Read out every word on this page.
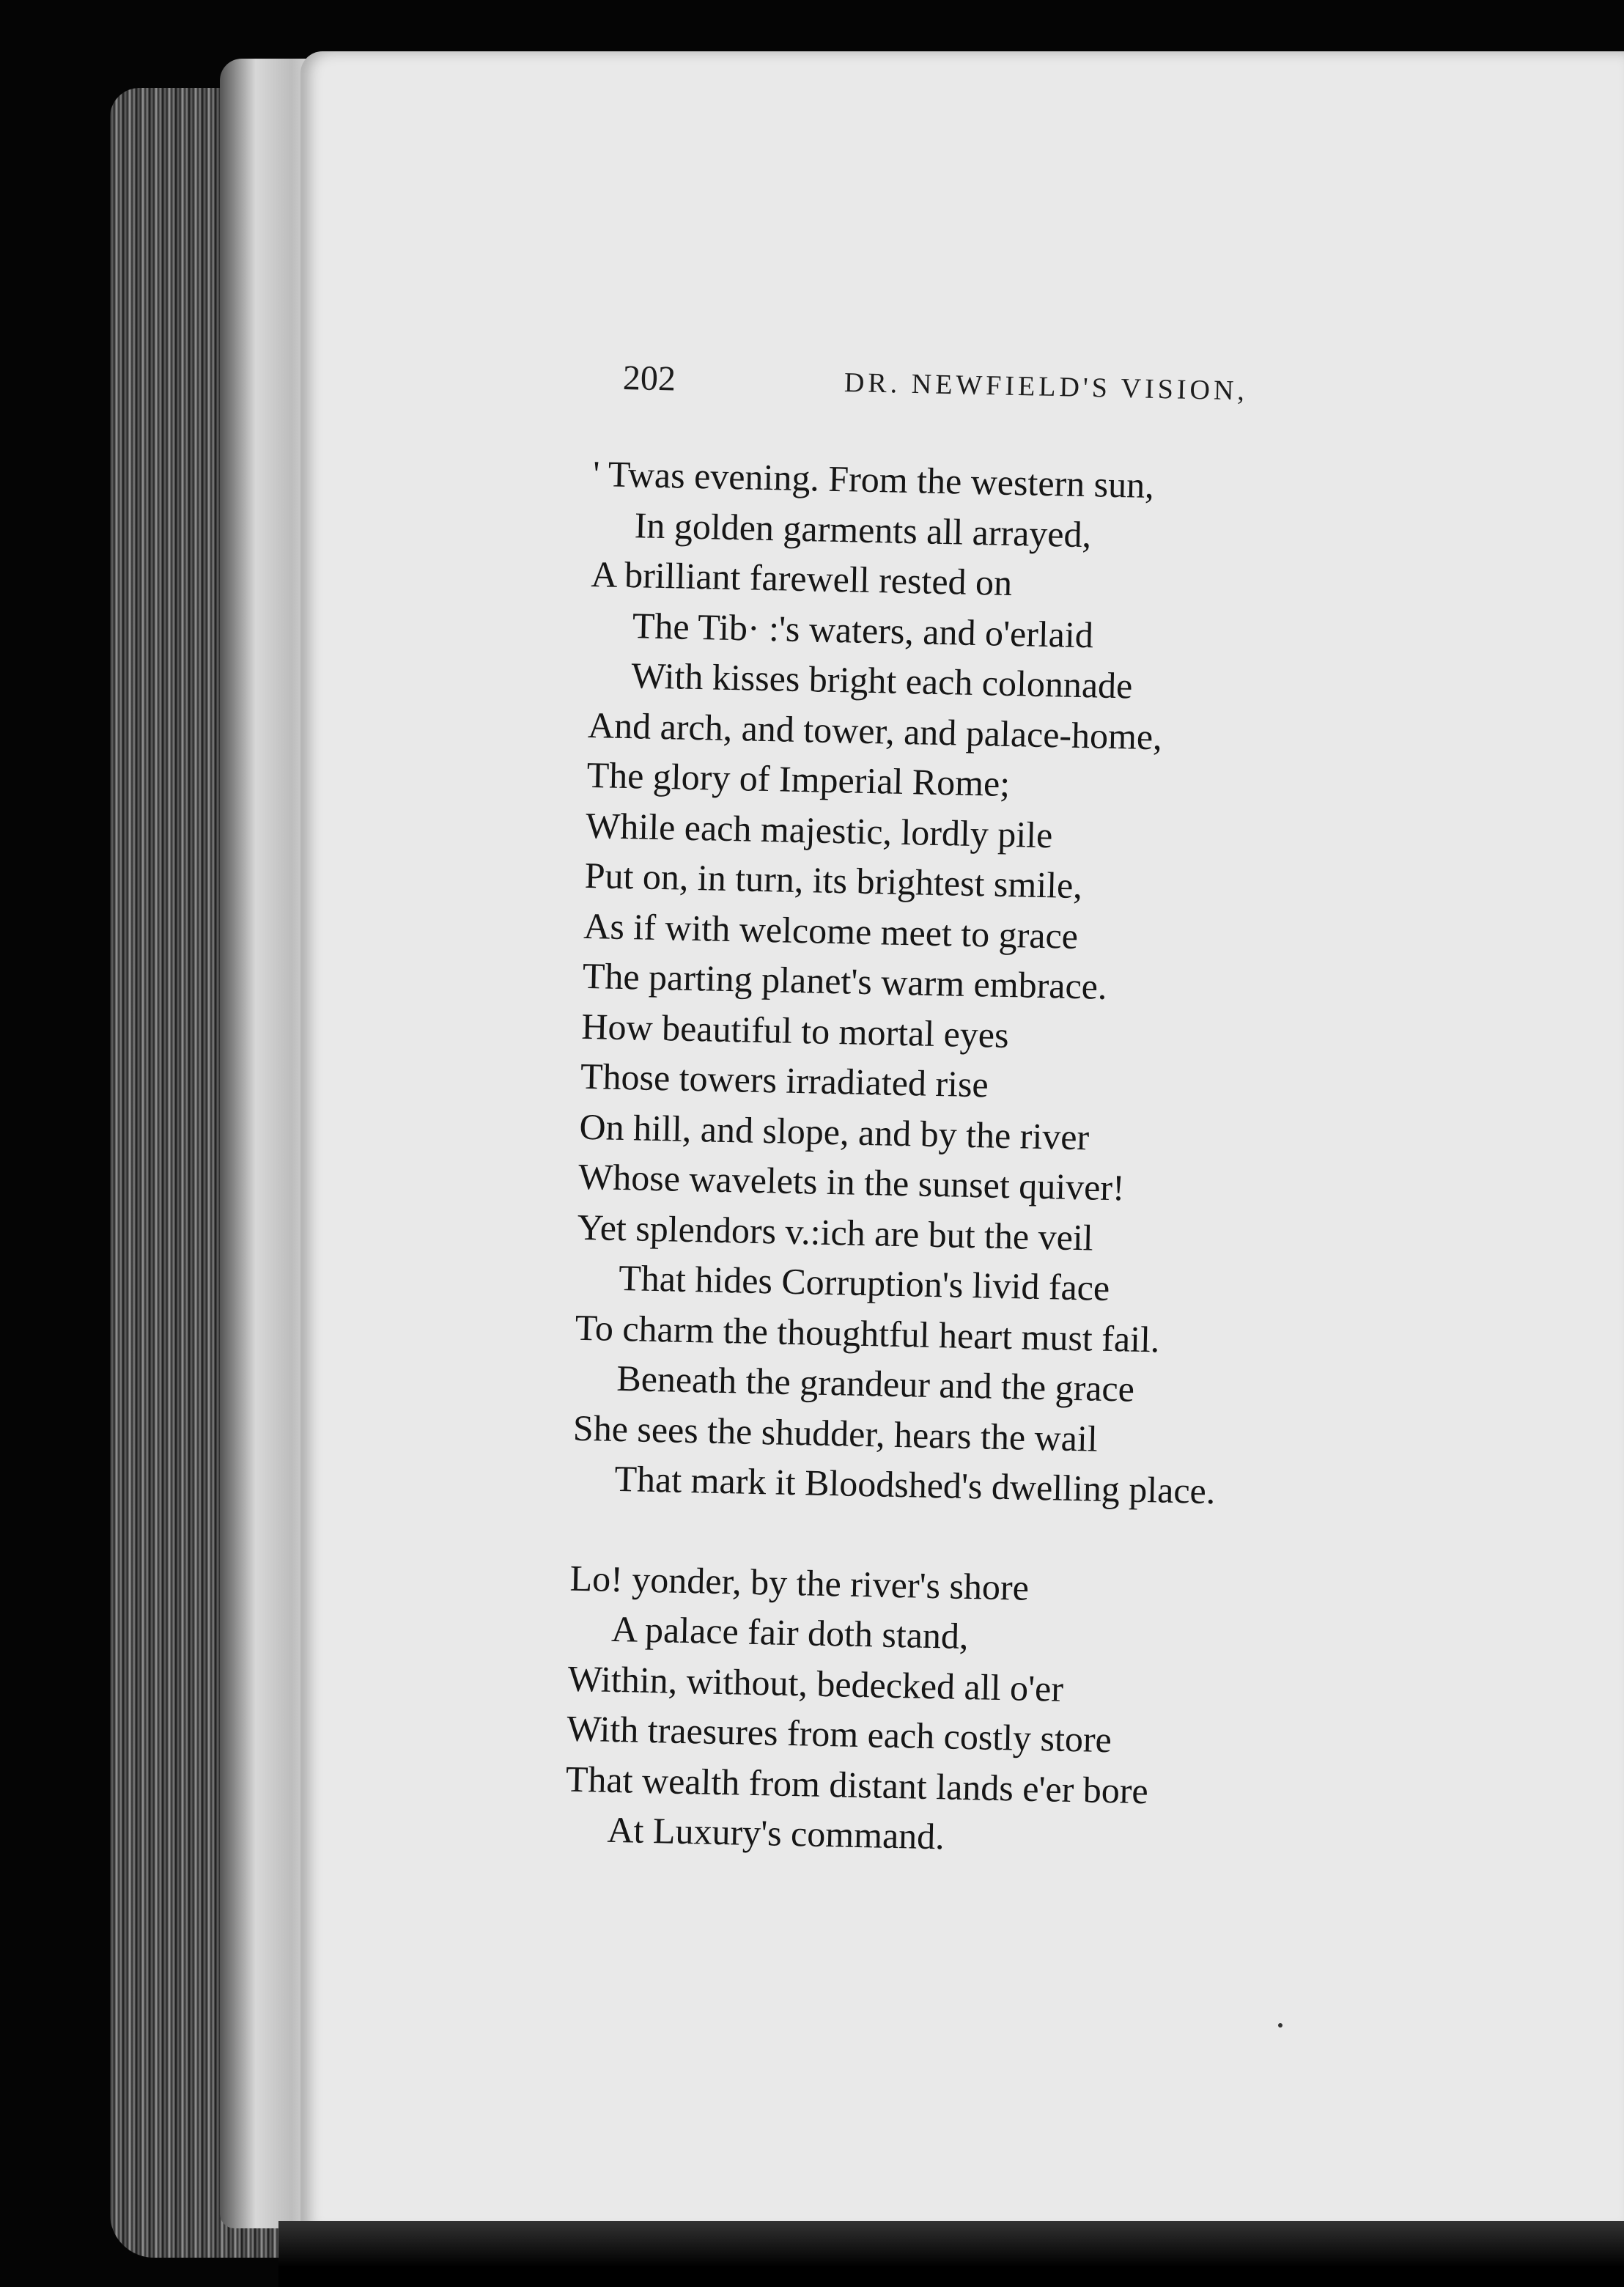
202	DR. NEWFIELD'S VISION,
' Twas evening. From the western sun,
In golden garments all arrayed,
A brilliant farewell rested on
The Tib· :'s waters, and o'erlaid
With kisses bright each colonnade
And arch, and tower, and palace-home,
The glory of Imperial Rome;
While each majestic, lordly pile
Put on, in turn, its brightest smile,
As if with welcome meet to grace
The parting planet's warm embrace.
How beautiful to mortal eyes
Those towers irradiated rise
On hill, and slope, and by the river
Whose wavelets in the sunset quiver!
Yet splendors v.:ich are but the veil
That hides Corruption's livid face
To charm the thoughtful heart must fail.
Beneath the grandeur and the grace
She sees the shudder, hears the wail
That mark it Bloodshed's dwelling place.
Lo! yonder, by the river's shore
A palace fair doth stand,
Within, without, bedecked all o'er
With traesures from each costly store
That wealth from distant lands e'er bore
At Luxury's command.
